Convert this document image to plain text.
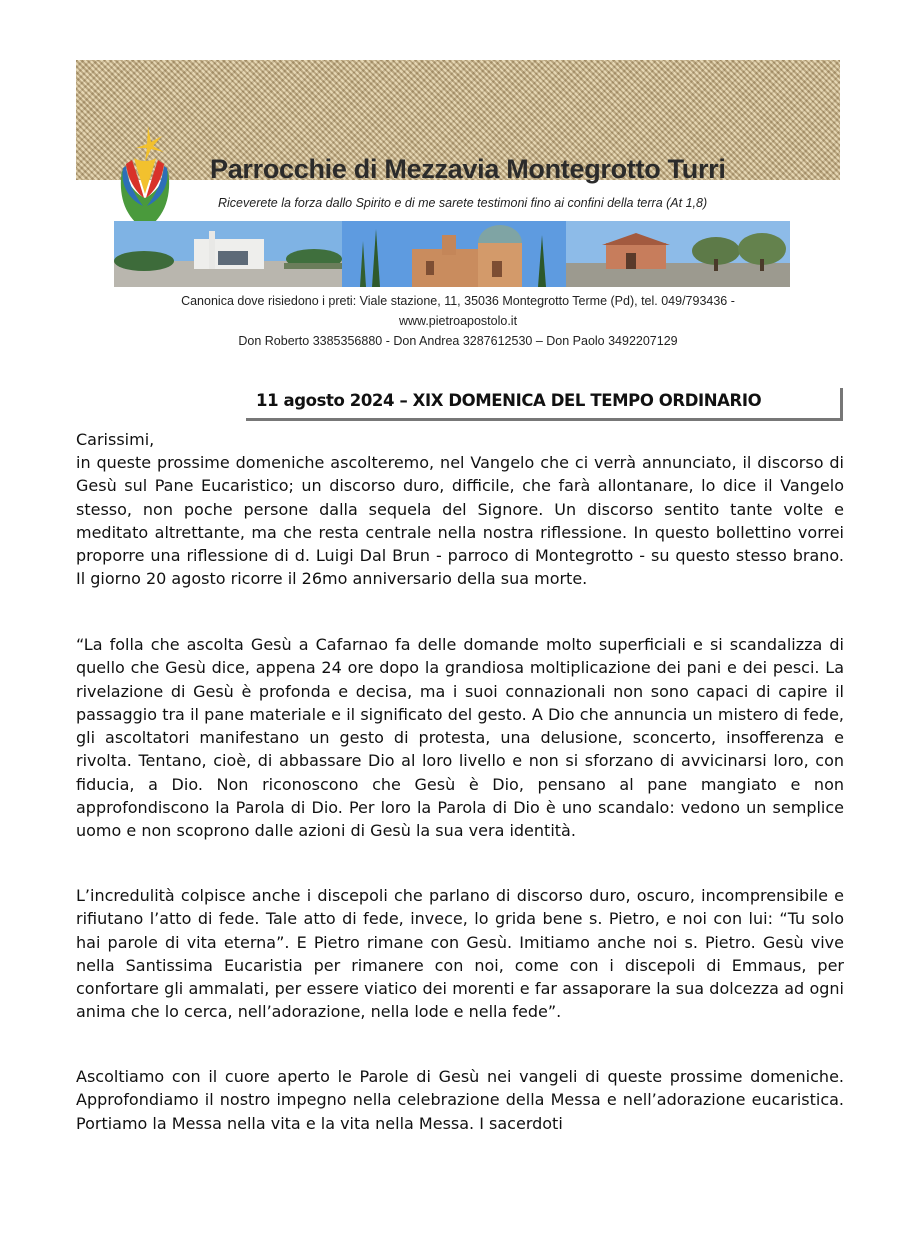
Parrocchie di Mezzavia Montegrotto Turri
Riceverete la forza dallo Spirito e di me sarete testimoni fino ai confini della terra (At 1,8)
Canonica dove risiedono i preti: Viale stazione, 11, 35036 Montegrotto Terme (Pd), tel. 049/793436 -
www.pietroapostolo.it
Don Roberto 3385356880 - Don Andrea 3287612530 – Don Paolo 3492207129
11 agosto 2024 – XIX DOMENICA DEL TEMPO ORDINARIO

Carissimi,

in queste prossime domeniche ascolteremo, nel Vangelo che ci verrà annunciato, il discorso di Gesù sul Pane Eucaristico; un discorso duro, difficile, che farà allontanare, lo dice il Vangelo stesso, non poche persone dalla sequela del Signore. Un discorso sentito tante volte e meditato altrettante, ma che resta centrale nella nostra riflessione. In questo bollettino vorrei proporre una riflessione di d. Luigi Dal Brun - parroco di Montegrotto - su questo stesso brano. Il giorno 20 agosto ricorre il 26mo anniversario della sua morte.

“La folla che ascolta Gesù a Cafarnao fa delle domande molto superficiali e si scandalizza di quello che Gesù dice, appena 24 ore dopo la grandiosa moltiplicazione dei pani e dei pesci. La rivelazione di Gesù è profonda e decisa, ma i suoi connazionali non sono capaci di capire il passaggio tra il pane materiale e il significato del gesto. A Dio che annuncia un mistero di fede, gli ascoltatori manifestano un gesto di protesta, una delusione, sconcerto, insofferenza e rivolta. Tentano, cioè, di abbassare Dio al loro livello e non si sforzano di avvicinarsi loro, con fiducia, a Dio. Non riconoscono che Gesù è Dio, pensano al pane mangiato e non approfondiscono la Parola di Dio. Per loro la Parola di Dio è uno scandalo: vedono un semplice uomo e non scoprono dalle azioni di Gesù la sua vera identità.

L’incredulità colpisce anche i discepoli che parlano di discorso duro, oscuro, incomprensibile e rifiutano l’atto di fede. Tale atto di fede, invece, lo grida bene s. Pietro, e noi con lui: “Tu solo hai parole di vita eterna”. E Pietro rimane con Gesù. Imitiamo anche noi s. Pietro. Gesù vive nella Santissima Eucaristia per rimanere con noi, come con i discepoli di Emmaus, per confortare gli ammalati, per essere viatico dei morenti e far assaporare la sua dolcezza ad ogni anima che lo cerca, nell’adorazione, nella lode e nella fede”.

Ascoltiamo con il cuore aperto le Parole di Gesù nei vangeli di queste prossime domeniche. Approfondiamo il nostro impegno nella celebrazione della Messa e nell’adorazione eucaristica. Portiamo la Messa nella vita e la vita nella Messa. I sacerdoti
